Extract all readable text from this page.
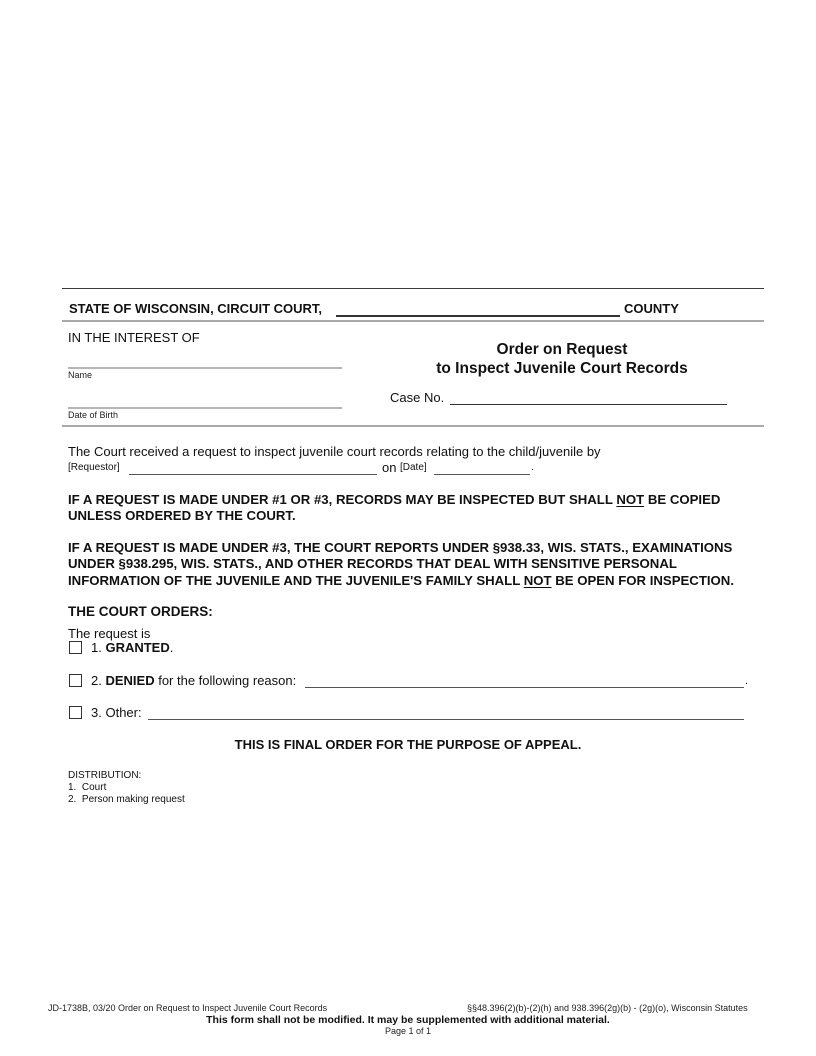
STATE OF WISCONSIN, CIRCUIT COURT,	COUNTY
IN THE INTEREST OF
Name
Date of Birth
Order on Request
to Inspect Juvenile Court Records
Case No.
The Court received a request to inspect juvenile court records relating to the child/juvenile by
[Requestor]	on [Date]	.
IF A REQUEST IS MADE UNDER #1 OR #3, RECORDS MAY BE INSPECTED BUT SHALL NOT BE COPIED UNLESS ORDERED BY THE COURT.
IF A REQUEST IS MADE UNDER #3, THE COURT REPORTS UNDER §938.33, WIS. STATS., EXAMINATIONS UNDER §938.295, WIS. STATS., AND OTHER RECORDS THAT DEAL WITH SENSITIVE PERSONAL INFORMATION OF THE JUVENILE AND THE JUVENILE'S FAMILY SHALL NOT BE OPEN FOR INSPECTION.
THE COURT ORDERS:
The request is
1. GRANTED.
2. DENIED for the following reason:	.
3. Other:
THIS IS FINAL ORDER FOR THE PURPOSE OF APPEAL.
DISTRIBUTION:
1.  Court
2.  Person making request
JD-1738B, 03/20 Order on Request to Inspect Juvenile Court Records	§§48.396(2)(b)-(2)(h) and 938.396(2g)(b) - (2g)(o), Wisconsin Statutes
This form shall not be modified. It may be supplemented with additional material.
Page 1 of 1
